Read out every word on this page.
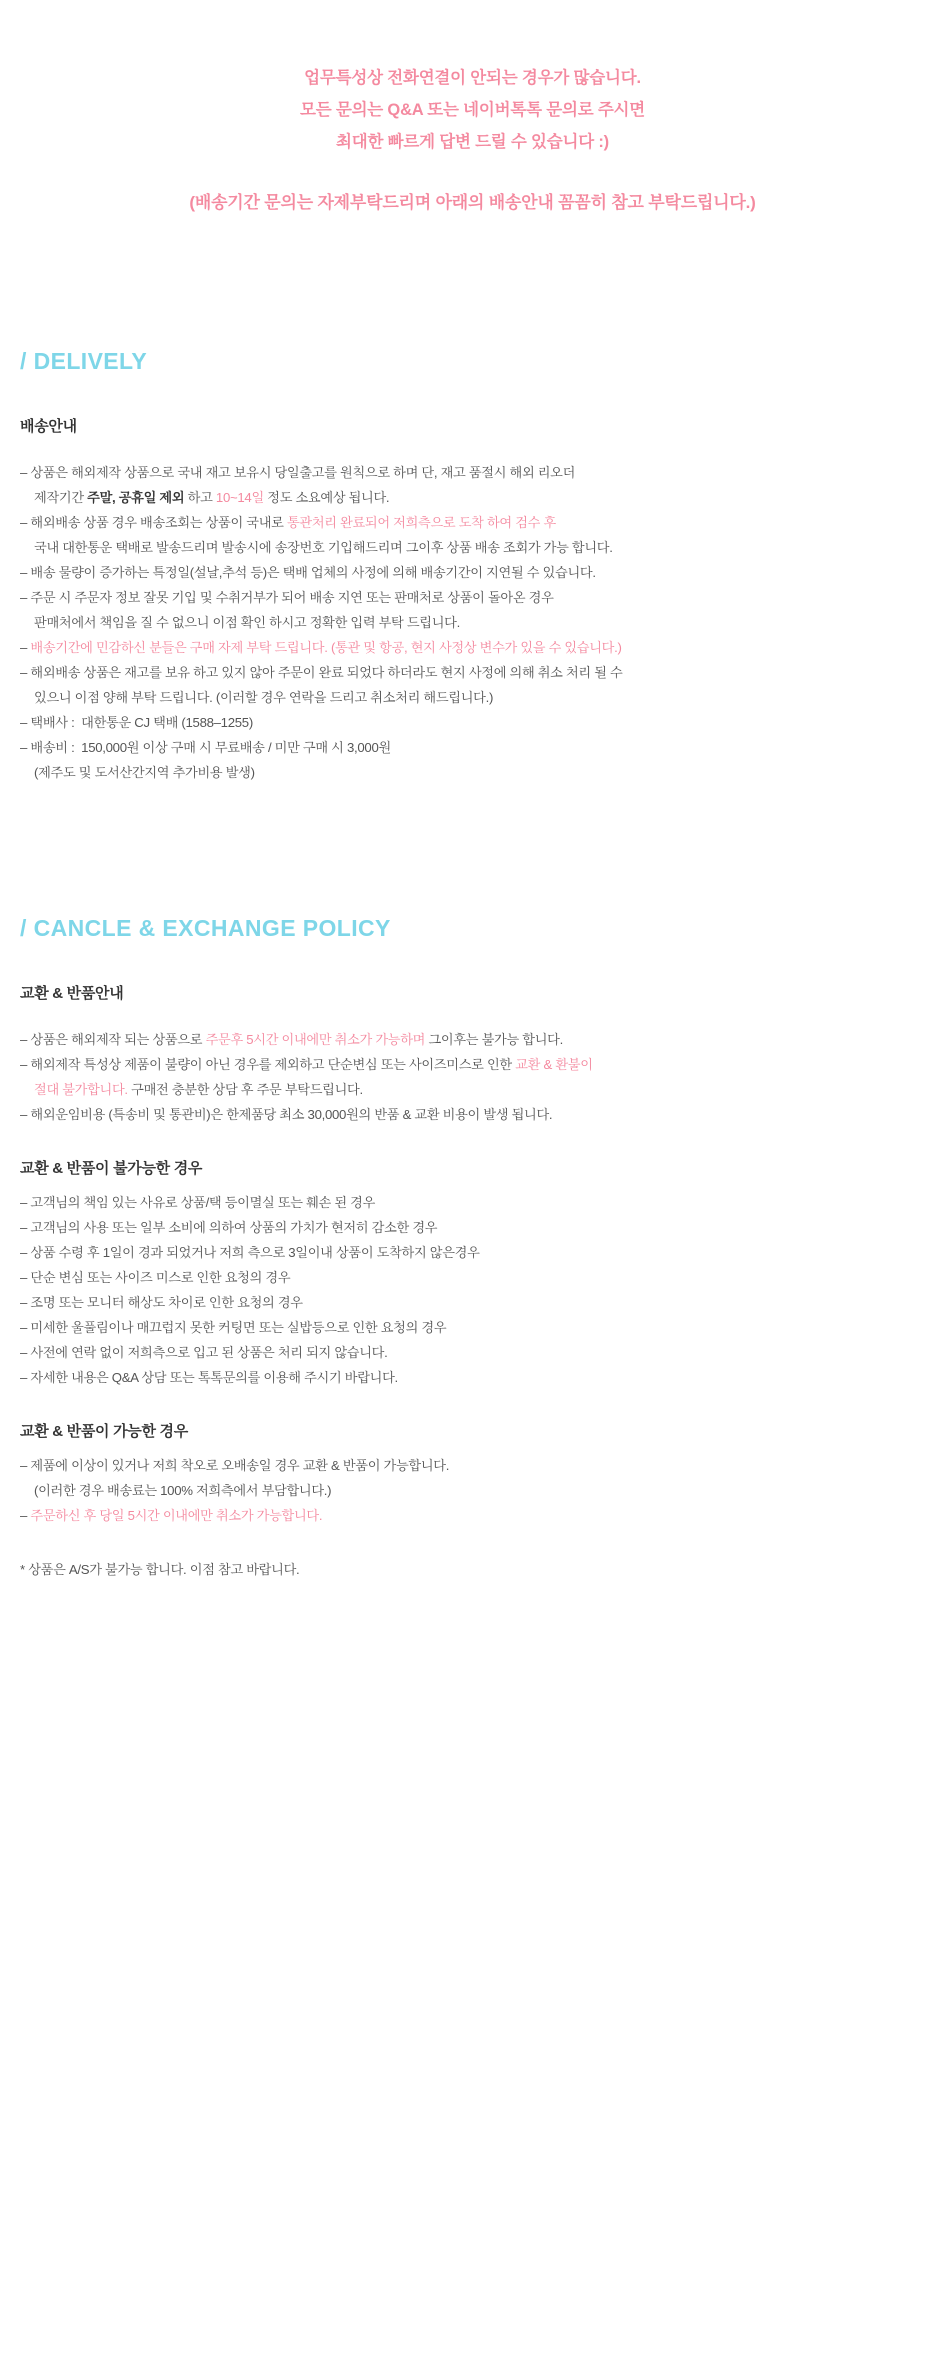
업무특성상 전화연결이 안되는 경우가 많습니다.
모든 문의는 Q&A 또는 네이버톡톡 문의로 주시면
최대한 빠르게 답변 드릴 수 있습니다 :)
(배송기간 문의는 자제부탁드리며 아래의 배송안내 꼼꼼히 참고 부탁드립니다.)
/ DELIVELY
배송안내
– 상품은 해외제작 상품으로 국내 재고 보유시 당일출고를 원칙으로 하며 단, 재고 품절시 해외 리오더
제작기간 주말, 공휴일 제외 하고 10~14일 정도 소요예상 됩니다.
– 해외배송 상품 경우 배송조회는 상품이 국내로 통관처리 완료되어 저희측으로 도착 하여 검수 후
국내 대한통운 택배로 발송드리며 발송시에 송장번호 기입해드리며 그이후 상품 배송 조회가 가능 합니다.
– 배송 물량이 증가하는 특정일(설날,추석 등)은 택배 업체의 사정에 의해 배송기간이 지연될 수 있습니다.
– 주문 시 주문자 정보 잘못 기입 및 수취거부가 되어 배송 지연 또는 판매처로 상품이 돌아온 경우
판매처에서 책임을 질 수 없으니 이점 확인 하시고 정확한 입력 부탁 드립니다.
– 배송기간에 민감하신 분들은 구매 자제 부탁 드립니다. (통관 및 항공, 현지 사정상 변수가 있을 수 있습니다.)
– 해외배송 상품은 재고를 보유 하고 있지 않아 주문이 완료 되었다 하더라도 현지 사정에 의해 취소 처리 될 수
있으니 이점 양해 부탁 드립니다. (이러할 경우 연락을 드리고 취소처리 해드립니다.)
– 택배사 :  대한통운 CJ 택배 (1588–1255)
– 배송비 :  150,000원 이상 구매 시 무료배송 / 미만 구매 시 3,000원
(제주도 및 도서산간지역 추가비용 발생)
/ CANCLE & EXCHANGE POLICY
교환 & 반품안내
– 상품은 해외제작 되는 상품으로 주문후 5시간 이내에만 취소가 가능하며 그이후는 불가능 합니다.
– 해외제작 특성상 제품이 불량이 아닌 경우를 제외하고 단순변심 또는 사이즈미스로 인한 교환 & 환불이
절대 불가합니다. 구매전 충분한 상담 후 주문 부탁드립니다.
– 해외운임비용 (특송비 및 통관비)은 한제품당 최소 30,000원의 반품 & 교환 비용이 발생 됩니다.
교환 & 반품이 불가능한 경우
– 고객님의 책임 있는 사유로 상품/택 등이멸실 또는 훼손 된 경우
– 고객님의 사용 또는 일부 소비에 의하여 상품의 가치가 현저히 감소한 경우
– 상품 수령 후 1일이 경과 되었거나 저희 측으로 3일이내 상품이 도착하지 않은경우
– 단순 변심 또는 사이즈 미스로 인한 요청의 경우
– 조명 또는 모니터 해상도 차이로 인한 요청의 경우
– 미세한 울풀림이나 매끄럽지 못한 커팅면 또는 실밥등으로 인한 요청의 경우
– 사전에 연락 없이 저희측으로 입고 된 상품은 처리 되지 않습니다.
– 자세한 내용은 Q&A 상담 또는 톡톡문의를 이용해 주시기 바랍니다.
교환 & 반품이 가능한 경우
– 제품에 이상이 있거나 저희 착오로 오배송일 경우 교환 & 반품이 가능합니다.
(이러한 경우 배송료는 100% 저희측에서 부담합니다.)
– 주문하신 후 당일 5시간 이내에만 취소가 가능합니다.
* 상품은 A/S가 불가능 합니다. 이점 참고 바랍니다.
